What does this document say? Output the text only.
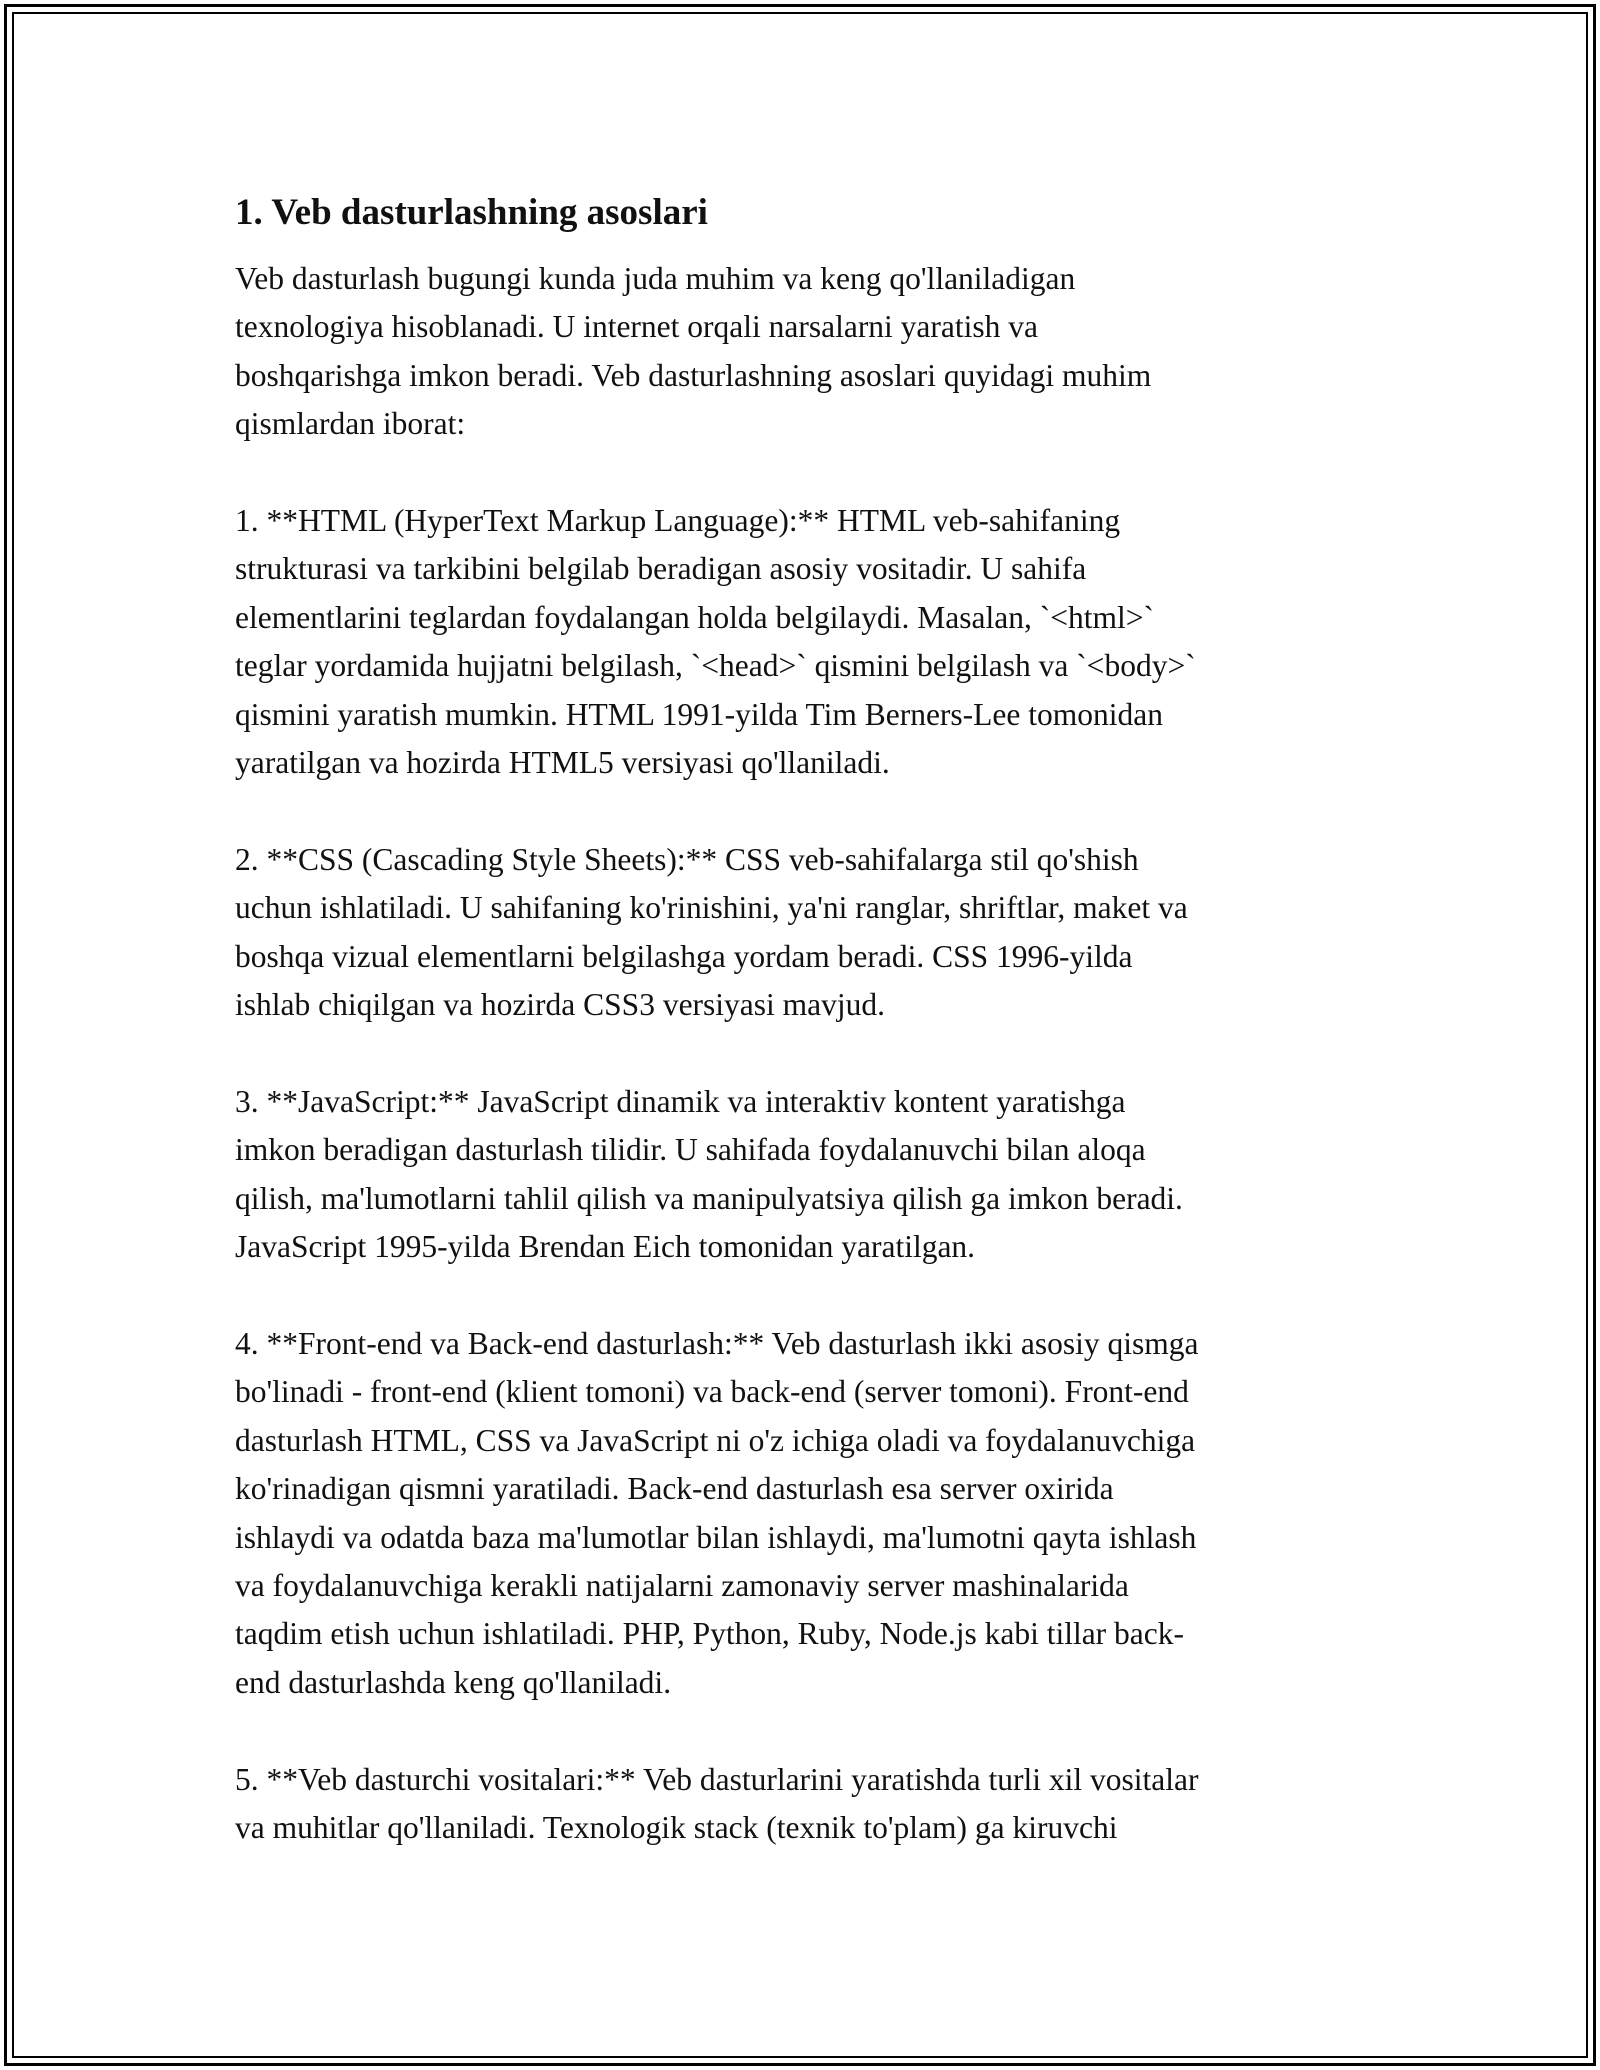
1. Veb dasturlashning asoslari

Veb dasturlash bugungi kunda juda muhim va keng qo'llaniladigan
texnologiya hisoblanadi. U internet orqali narsalarni yaratish va
boshqarishga imkon beradi. Veb dasturlashning asoslari quyidagi muhim
qismlardan iborat:

1. **HTML (HyperText Markup Language):** HTML veb-sahifaning
strukturasi va tarkibini belgilab beradigan asosiy vositadir. U sahifa
elementlarini teglardan foydalangan holda belgilaydi. Masalan, `<html>`
teglar yordamida hujjatni belgilash, `<head>` qismini belgilash va `<body>`
qismini yaratish mumkin. HTML 1991-yilda Tim Berners-Lee tomonidan
yaratilgan va hozirda HTML5 versiyasi qo'llaniladi.

2. **CSS (Cascading Style Sheets):** CSS veb-sahifalarga stil qo'shish
uchun ishlatiladi. U sahifaning ko'rinishini, ya'ni ranglar, shriftlar, maket va
boshqa vizual elementlarni belgilashga yordam beradi. CSS 1996-yilda
ishlab chiqilgan va hozirda CSS3 versiyasi mavjud.

3. **JavaScript:** JavaScript dinamik va interaktiv kontent yaratishga
imkon beradigan dasturlash tilidir. U sahifada foydalanuvchi bilan aloqa
qilish, ma'lumotlarni tahlil qilish va manipulyatsiya qilish ga imkon beradi.
JavaScript 1995-yilda Brendan Eich tomonidan yaratilgan.

4. **Front-end va Back-end dasturlash:** Veb dasturlash ikki asosiy qismga
bo'linadi - front-end (klient tomoni) va back-end (server tomoni). Front-end
dasturlash HTML, CSS va JavaScript ni o'z ichiga oladi va foydalanuvchiga
ko'rinadigan qismni yaratiladi. Back-end dasturlash esa server oxirida
ishlaydi va odatda baza ma'lumotlar bilan ishlaydi, ma'lumotni qayta ishlash
va foydalanuvchiga kerakli natijalarni zamonaviy server mashinalarida
taqdim etish uchun ishlatiladi. PHP, Python, Ruby, Node.js kabi tillar back-
end dasturlashda keng qo'llaniladi.

5. **Veb dasturchi vositalari:** Veb dasturlarini yaratishda turli xil vositalar
va muhitlar qo'llaniladi. Texnologik stack (texnik to'plam) ga kiruvchi
